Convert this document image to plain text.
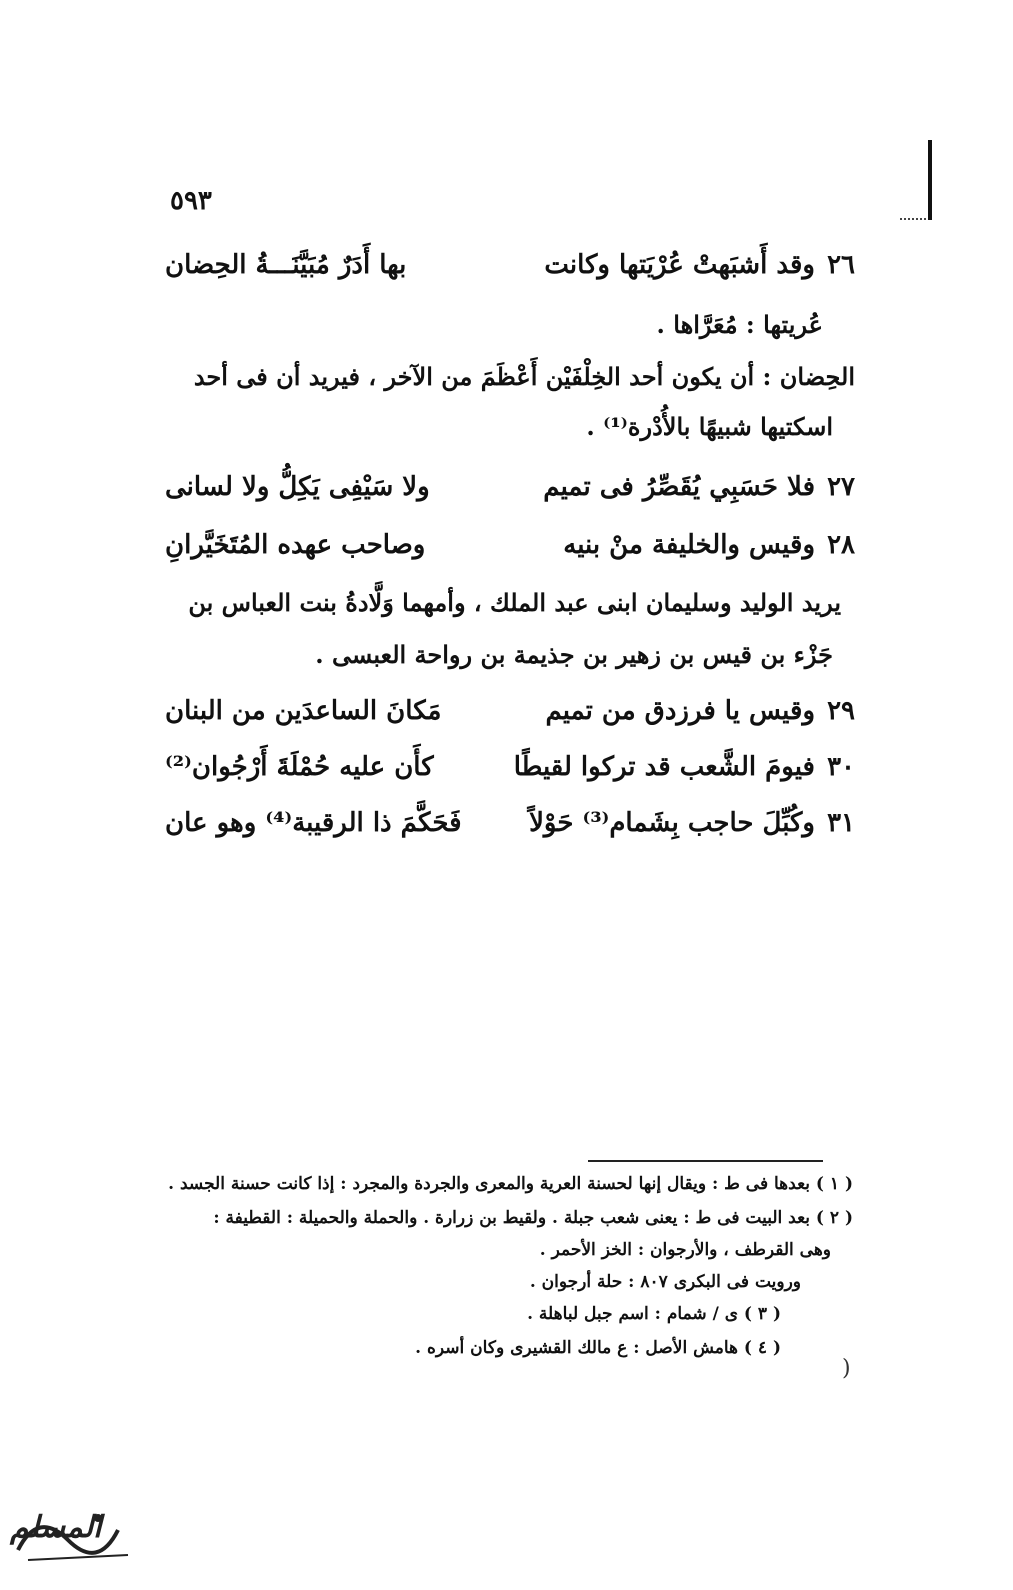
٥٩٣
٢٦
وقد أَشبَهتْ عُرْيَتها وكانت
بها أَدَرٌ مُبَيَّنَـــةُ الحِضان
عُريتها : مُعَرَّاها .
الحِضان : أن يكون أحد الخِلْفَيْن أَعْظَمَ من الآخر ، فيريد أن فى أحد
اسكتيها شبيهًا بالأُدْرة⁽¹⁾ .
٢٧
فلا حَسَبِي يُقَصِّرُ فى تميم
ولا سَيْفِى يَكِلُّ ولا لسانى
٢٨
وقيس والخليفة منْ بنيه
وصاحب عهده المُتَخَيَّرانِ
يريد الوليد وسليمان ابنى عبد الملك ، وأمهما وَلَّادةُ بنت العباس بن
جَزْء بن قيس بن زهير بن جذيمة بن رواحة العبسى .
٢٩
وقيس يا فرزدق من تميم
مَكانَ الساعدَين من البنان
٣٠
فيومَ الشَّعب قد تركوا لقيطًا
كأَن عليه حُمْلَةَ أَرْجُوان⁽²⁾
٣١
وكُبِّلَ حاجب بِشَمام⁽³⁾ حَوْلاً
فَحَكَّمَ ذا الرقيبة⁽⁴⁾ وهو عان
( ١ ) بعدها فى ط : ويقال إنها لحسنة العرية والمعرى والجردة والمجرد : إذا كانت حسنة الجسد .
( ٢ ) بعد البيت فى ط : يعنى شعب جبلة . ولقيط بن زرارة . والحملة والحميلة : القطيفة :
وهى القرطف ، والأرجوان : الخز الأحمر .
ورويت فى البكرى ٨٠٧ : حلة أرجوان .
( ٣ ) ى / شمام : اسم جبل لباهلة .
( ٤ ) هامش الأصل : ع مالك القشيرى وكان أسره .
)
المسلم
